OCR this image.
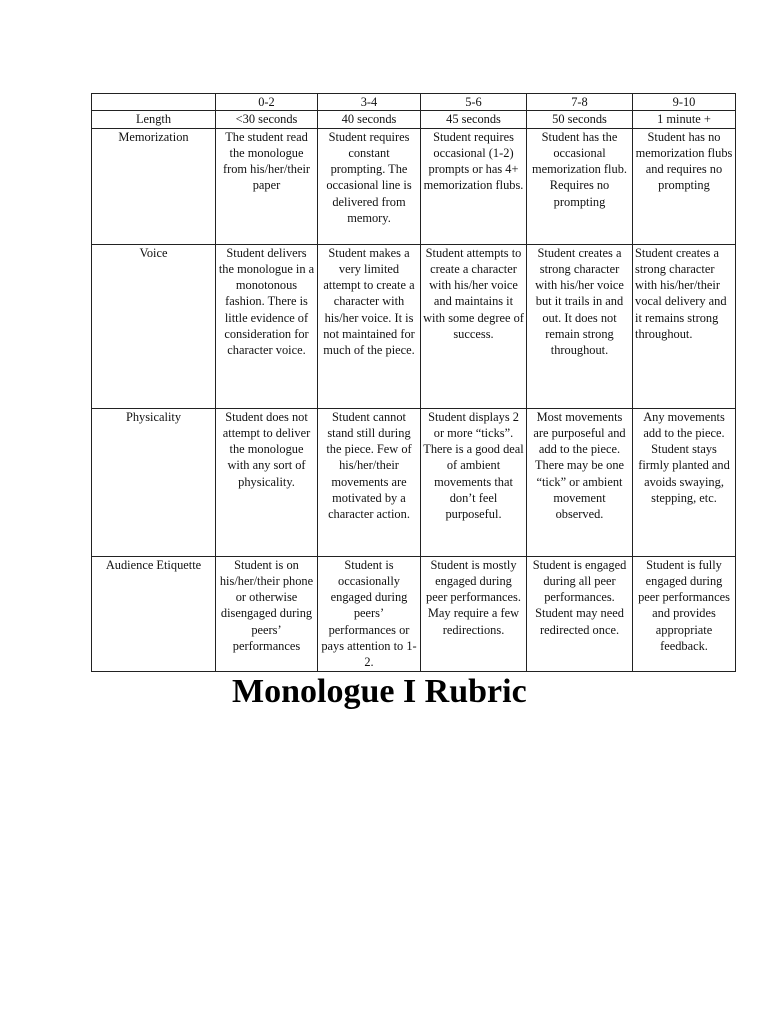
	0-2	3-4	5-6	7-8	9-10
Length	<30 seconds	40 seconds	45 seconds	50 seconds	1 minute +
Memorization	The student read the monologue from his/her/their paper	Student requires constant prompting. The occasional line is delivered from memory.	Student requires occasional (1-2) prompts or has 4+ memorization flubs.	Student has the occasional memorization flub. Requires no prompting	Student has no memorization flubs and requires no prompting
Voice	Student delivers the monologue in a monotonous fashion. There is little evidence of consideration for character voice.	Student makes a very limited attempt to create a character with his/her voice. It is not maintained for much of the piece.	Student attempts to create a character with his/her voice and maintains it with some degree of success.	Student creates a strong character with his/her voice but it trails in and out. It does not remain strong throughout.	Student creates a strong character with his/her/their vocal delivery and it remains strong throughout.
Physicality	Student does not attempt to deliver the monologue with any sort of physicality.	Student cannot stand still during the piece. Few of his/her/their movements are motivated by a character action.	Student displays 2 or more “ticks”. There is a good deal of ambient movements that don’t feel purposeful.	Most movements are purposeful and add to the piece. There may be one “tick” or ambient movement observed.	Any movements add to the piece. Student stays firmly planted and avoids swaying, stepping, etc.
Audience Etiquette	Student is on his/her/their phone or otherwise disengaged during peers’ performances	Student is occasionally engaged during peers’ performances or pays attention to 1-2.	Student is mostly engaged during peer performances. May require a few redirections.	Student is engaged during all peer performances. Student may need redirected once.	Student is fully engaged during peer performances and provides appropriate feedback.
Monologue I Rubric
